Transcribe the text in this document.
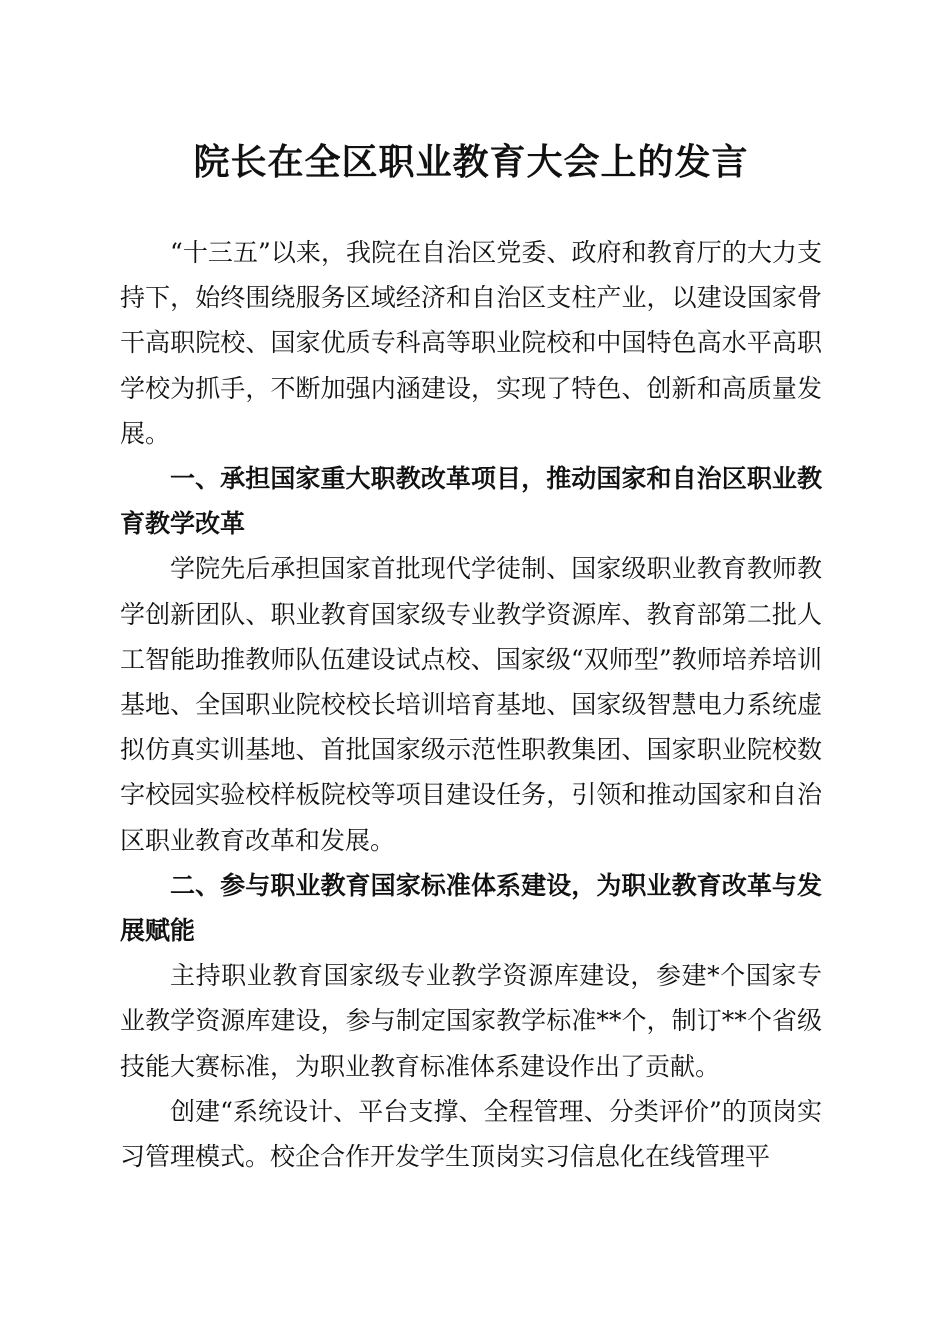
院长在全区职业教育大会上的发言

“十三五”以来，我院在自治区党委、政府和教育厅的大力支持下，始终围绕服务区域经济和自治区支柱产业，以建设国家骨干高职院校、国家优质专科高等职业院校和中国特色高水平高职学校为抓手，不断加强内涵建设，实现了特色、创新和高质量发展。

一、承担国家重大职教改革项目，推动国家和自治区职业教育教学改革

学院先后承担国家首批现代学徒制、国家级职业教育教师教学创新团队、职业教育国家级专业教学资源库、教育部第二批人工智能助推教师队伍建设试点校、国家级“双师型”教师培养培训基地、全国职业院校校长培训培育基地、国家级智慧电力系统虚拟仿真实训基地、首批国家级示范性职教集团、国家职业院校数字校园实验校样板院校等项目建设任务，引领和推动国家和自治区职业教育改革和发展。

二、参与职业教育国家标准体系建设，为职业教育改革与发展赋能

主持职业教育国家级专业教学资源库建设，参建*个国家专业教学资源库建设，参与制定国家教学标准**个，制订**个省级技能大赛标准，为职业教育标准体系建设作出了贡献。

创建“系统设计、平台支撑、全程管理、分类评价”的顶岗实习管理模式。校企合作开发学生顶岗实习信息化在线管理平
